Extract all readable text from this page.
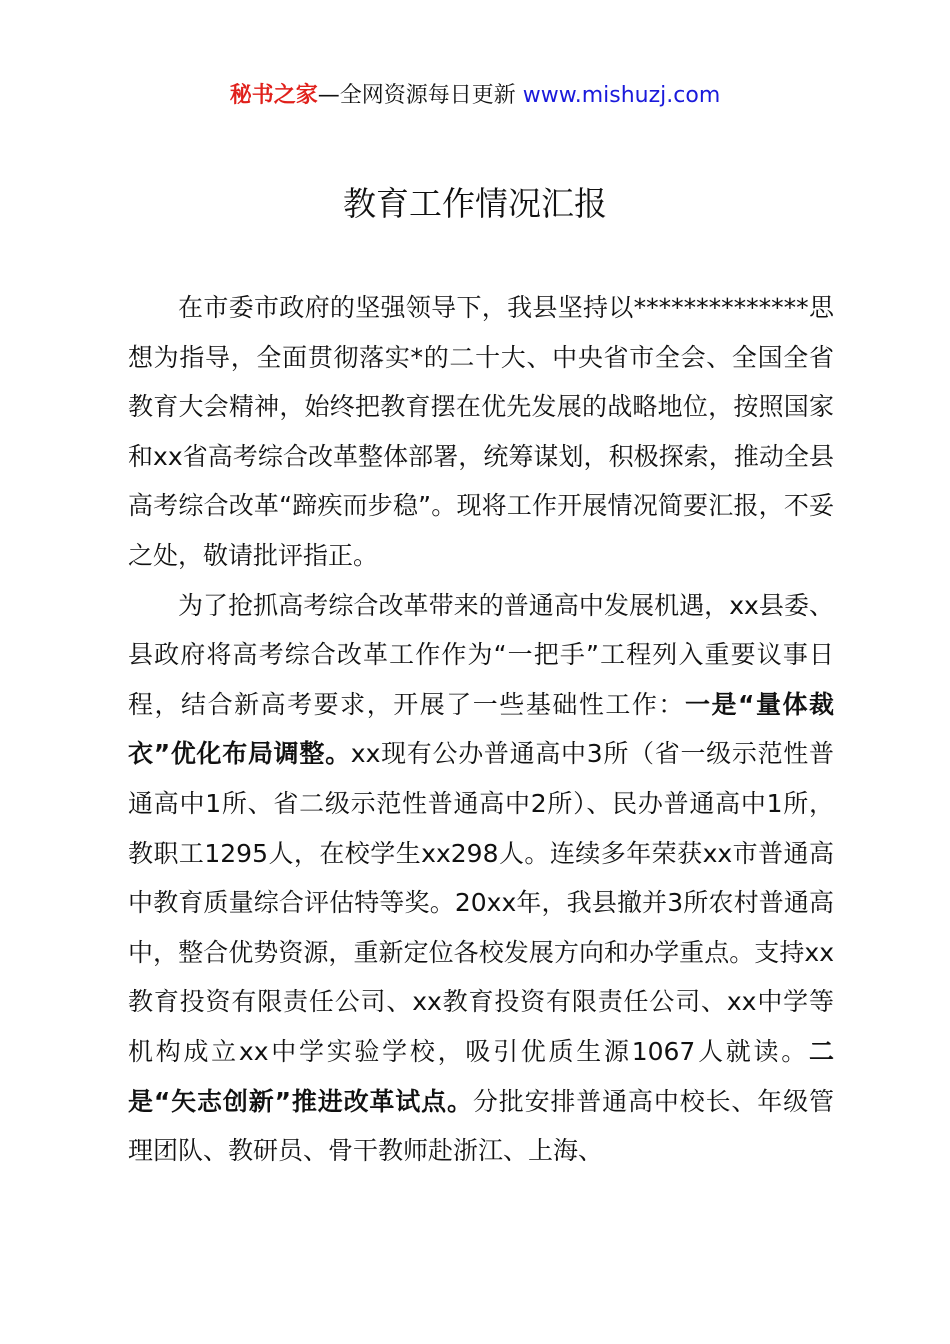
秘书之家—全网资源每日更新 www.mishuzj.com
教育工作情况汇报

在市委市政府的坚强领导下，我县坚持以**************思想为指导，全面贯彻落实*的二十大、中央省市全会、全国全省教育大会精神，始终把教育摆在优先发展的战略地位，按照国家和xx省高考综合改革整体部署，统筹谋划，积极探索，推动全县高考综合改革“蹄疾而步稳”。现将工作开展情况简要汇报，不妥之处，敬请批评指正。

为了抢抓高考综合改革带来的普通高中发展机遇，xx县委、县政府将高考综合改革工作作为“一把手”工程列入重要议事日程，结合新高考要求，开展了一些基础性工作：一是“量体裁衣”优化布局调整。xx现有公办普通高中3所（省一级示范性普通高中1所、省二级示范性普通高中2所）、民办普通高中1所，教职工1295人，在校学生xx298人。连续多年荣获xx市普通高中教育质量综合评估特等奖。20xx年，我县撤并3所农村普通高中，整合优势资源，重新定位各校发展方向和办学重点。支持xx教育投资有限责任公司、xx教育投资有限责任公司、xx中学等机构成立xx中学实验学校，吸引优质生源1067人就读。二是“矢志创新”推进改革试点。分批安排普通高中校长、年级管理团队、教研员、骨干教师赴浙江、上海、
